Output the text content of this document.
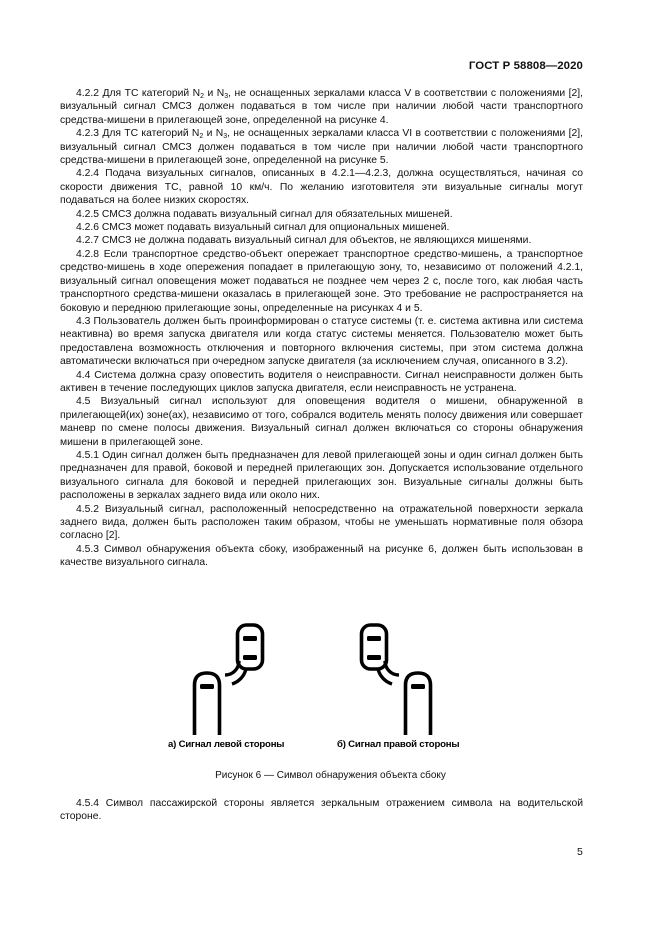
ГОСТ Р 58808—2020

4.2.2 Для ТС категорий $N_2$ и $N_3$, не оснащенных зеркалами класса V в соответствии с положениями [2], визуальный сигнал СМСЗ должен подаваться в том числе при наличии любой части транспортного средства-мишени в прилегающей зоне, определенной на рисунке 4.

4.2.3 Для ТС категорий $N_2$ и $N_3$, не оснащенных зеркалами класса VI в соответствии с положениями [2], визуальный сигнал СМСЗ должен подаваться в том числе при наличии любой части транспортного средства-мишени в прилегающей зоне, определенной на рисунке 5.

4.2.4 Подача визуальных сигналов, описанных в 4.2.1—4.2.3, должна осуществляться, начиная со скорости движения ТС, равной 10 км/ч. По желанию изготовителя эти визуальные сигналы могут подаваться на более низких скоростях.

4.2.5 СМСЗ должна подавать визуальный сигнал для обязательных мишеней.

4.2.6 СМСЗ может подавать визуальный сигнал для опциональных мишеней.

4.2.7 СМСЗ не должна подавать визуальный сигнал для объектов, не являющихся мишенями.

4.2.8 Если транспортное средство-объект опережает транспортное средство-мишень, а транспортное средство-мишень в ходе опережения попадает в прилегающую зону, то, независимо от положений 4.2.1, визуальный сигнал оповещения может подаваться не позднее чем через 2 с, после того, как любая часть транспортного средства-мишени оказалась в прилегающей зоне. Это требование не распространяется на боковую и переднюю прилегающие зоны, определенные на рисунках 4 и 5.

4.3 Пользователь должен быть проинформирован о статусе системы (т. е. система активна или система неактивна) во время запуска двигателя или когда статус системы меняется. Пользователю может быть предоставлена возможность отключения и повторного включения системы, при этом система должна автоматически включаться при очередном запуске двигателя (за исключением случая, описанного в 3.2).

4.4 Система должна сразу оповестить водителя о неисправности. Сигнал неисправности должен быть активен в течение последующих циклов запуска двигателя, если неисправность не устранена.

4.5 Визуальный сигнал используют для оповещения водителя о мишени, обнаруженной в прилегающей(их) зоне(ах), независимо от того, собрался водитель менять полосу движения или совершает маневр по смене полосы движения. Визуальный сигнал должен включаться со стороны обнаружения мишени в прилегающей зоне.

4.5.1 Один сигнал должен быть предназначен для левой прилегающей зоны и один сигнал должен быть предназначен для правой, боковой и передней прилегающих зон. Допускается использование отдельного визуального сигнала для боковой и передней прилегающих зон. Визуальные сигналы должны быть расположены в зеркалах заднего вида или около них.

4.5.2 Визуальный сигнал, расположенный непосредственно на отражательной поверхности зеркала заднего вида, должен быть расположен таким образом, чтобы не уменьшать нормативные поля обзора согласно [2].

4.5.3 Символ обнаружения объекта сбоку, изображенный на рисунке 6, должен быть использован в качестве визуального сигнала.

а) Сигнал левой стороны	б) Сигнал правой стороны
Рисунок 6 — Символ обнаружения объекта сбоку

4.5.4 Символ пассажирской стороны является зеркальным отражением символа на водительской стороне.

5
